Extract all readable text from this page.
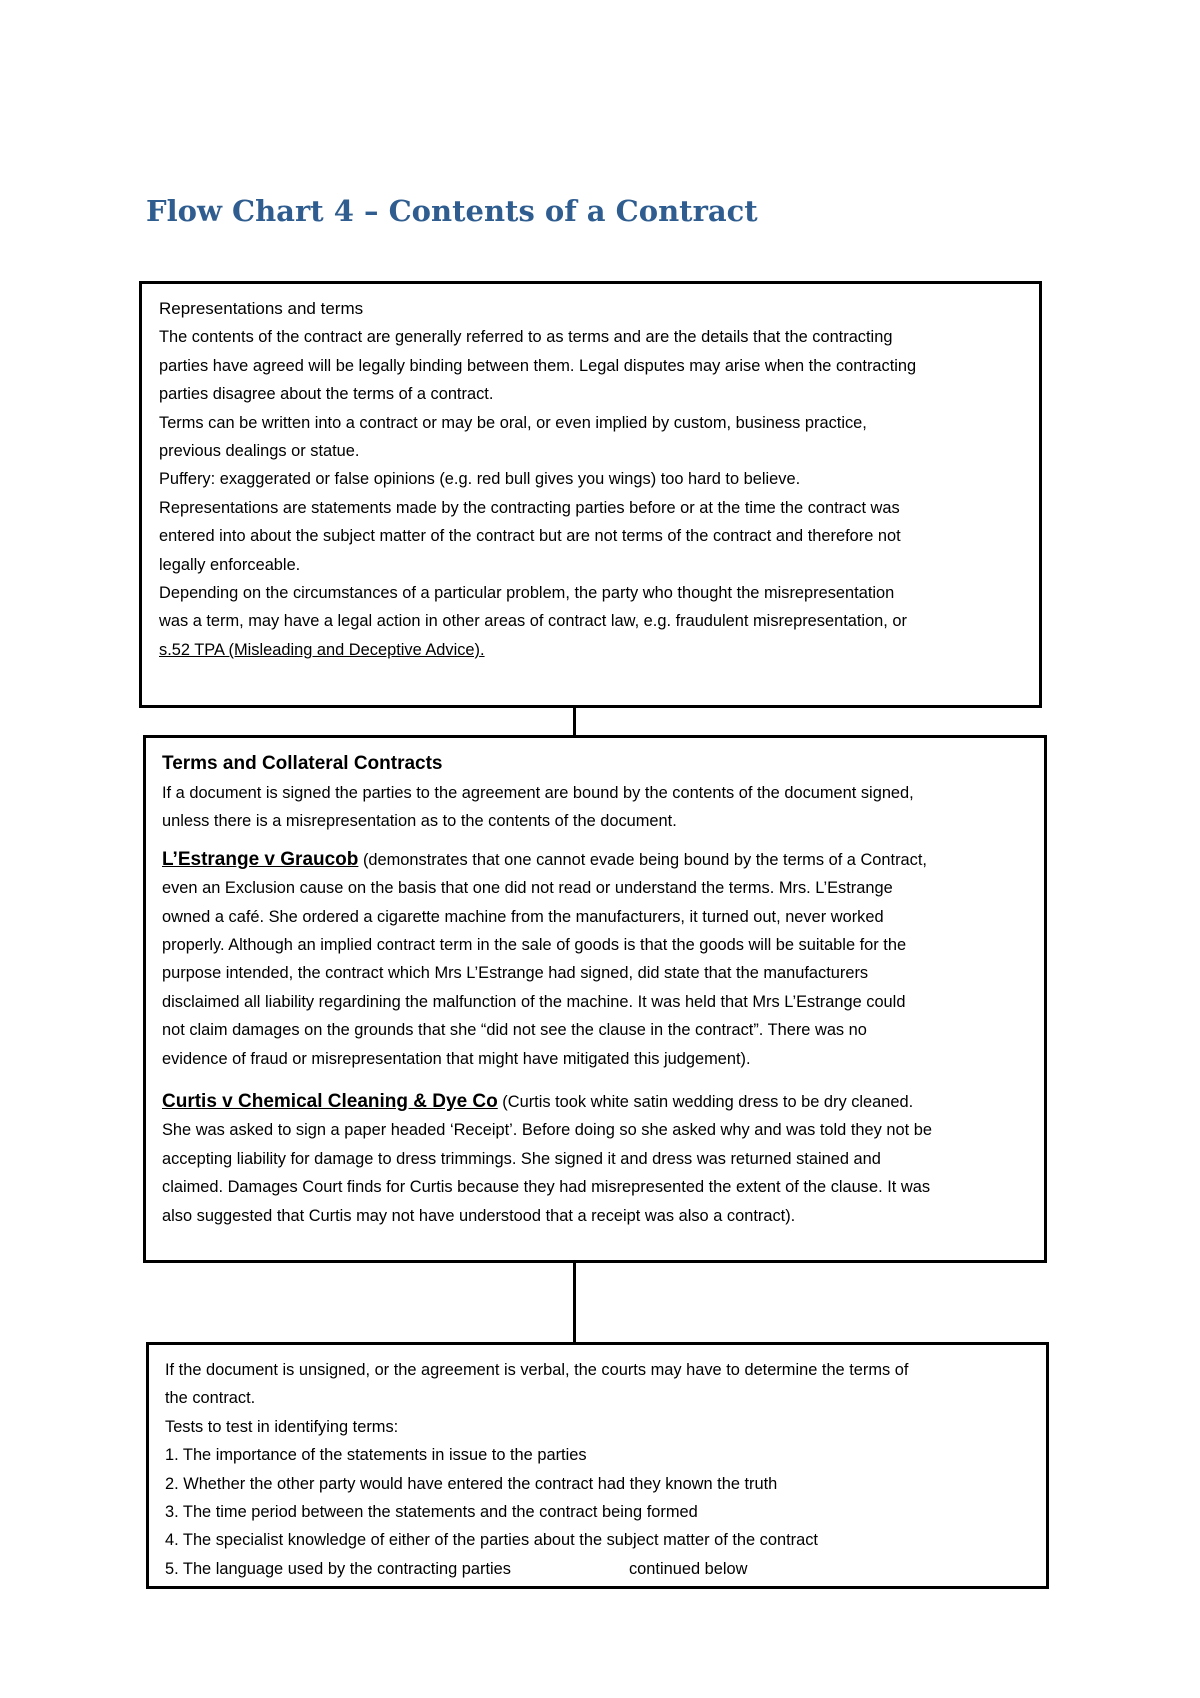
Flow Chart 4 – Contents of a Contract

Representations and terms

The contents of the contract are generally referred to as terms and are the details that the contracting

parties have agreed will be legally binding between them. Legal disputes may arise when the contracting

parties disagree about the terms of a contract.

Terms can be written into a contract or may be oral, or even implied by custom, business practice,

previous dealings or statue.

Puffery: exaggerated or false opinions (e.g. red bull gives you wings) too hard to believe.

Representations are statements made by the contracting parties before or at the time the contract was

entered into about the subject matter of the contract but are not terms of the contract and therefore not

legally enforceable.

Depending on the circumstances of a particular problem, the party who thought the misrepresentation

was a term, may have a legal action in other areas of contract law, e.g. fraudulent misrepresentation, or

s.52 TPA (Misleading and Deceptive Advice).

Terms and Collateral Contracts

If a document is signed the parties to the agreement are bound by the contents of the document signed,

unless there is a misrepresentation as to the contents of the document.

L’Estrange v Graucob (demonstrates that one cannot evade being bound by the terms of a Contract,

even an Exclusion cause on the basis that one did not read or understand the terms. Mrs. L’Estrange

owned a café. She ordered a cigarette machine from the manufacturers, it turned out, never worked

properly. Although an implied contract term in the sale of goods is that the goods will be suitable for the

purpose intended, the contract which Mrs L’Estrange had signed, did state that the manufacturers

disclaimed all liability regardining the malfunction of the machine. It was held that Mrs L’Estrange could

not claim damages on the grounds that she “did not see the clause in the contract”. There was no

evidence of fraud or misrepresentation that might have mitigated this judgement).

Curtis v Chemical Cleaning & Dye Co (Curtis took white satin wedding dress to be dry cleaned.

She was asked to sign a paper headed ‘Receipt’. Before doing so she asked why and was told they not be

accepting liability for damage to dress trimmings. She signed it and dress was returned stained and

claimed. Damages Court finds for Curtis because they had misrepresented the extent of the clause. It was

also suggested that Curtis may not have understood that a receipt was also a contract).

If the document is unsigned, or the agreement is verbal, the courts may have to determine the terms of

the contract.

Tests to test in identifying terms:

1. The importance of the statements in issue to the parties

2. Whether the other party would have entered the contract had they known the truth

3. The time period between the statements and the contract being formed

4. The specialist knowledge of either of the parties about the subject matter of the contract

5. The language used by the contracting parties	continued below
